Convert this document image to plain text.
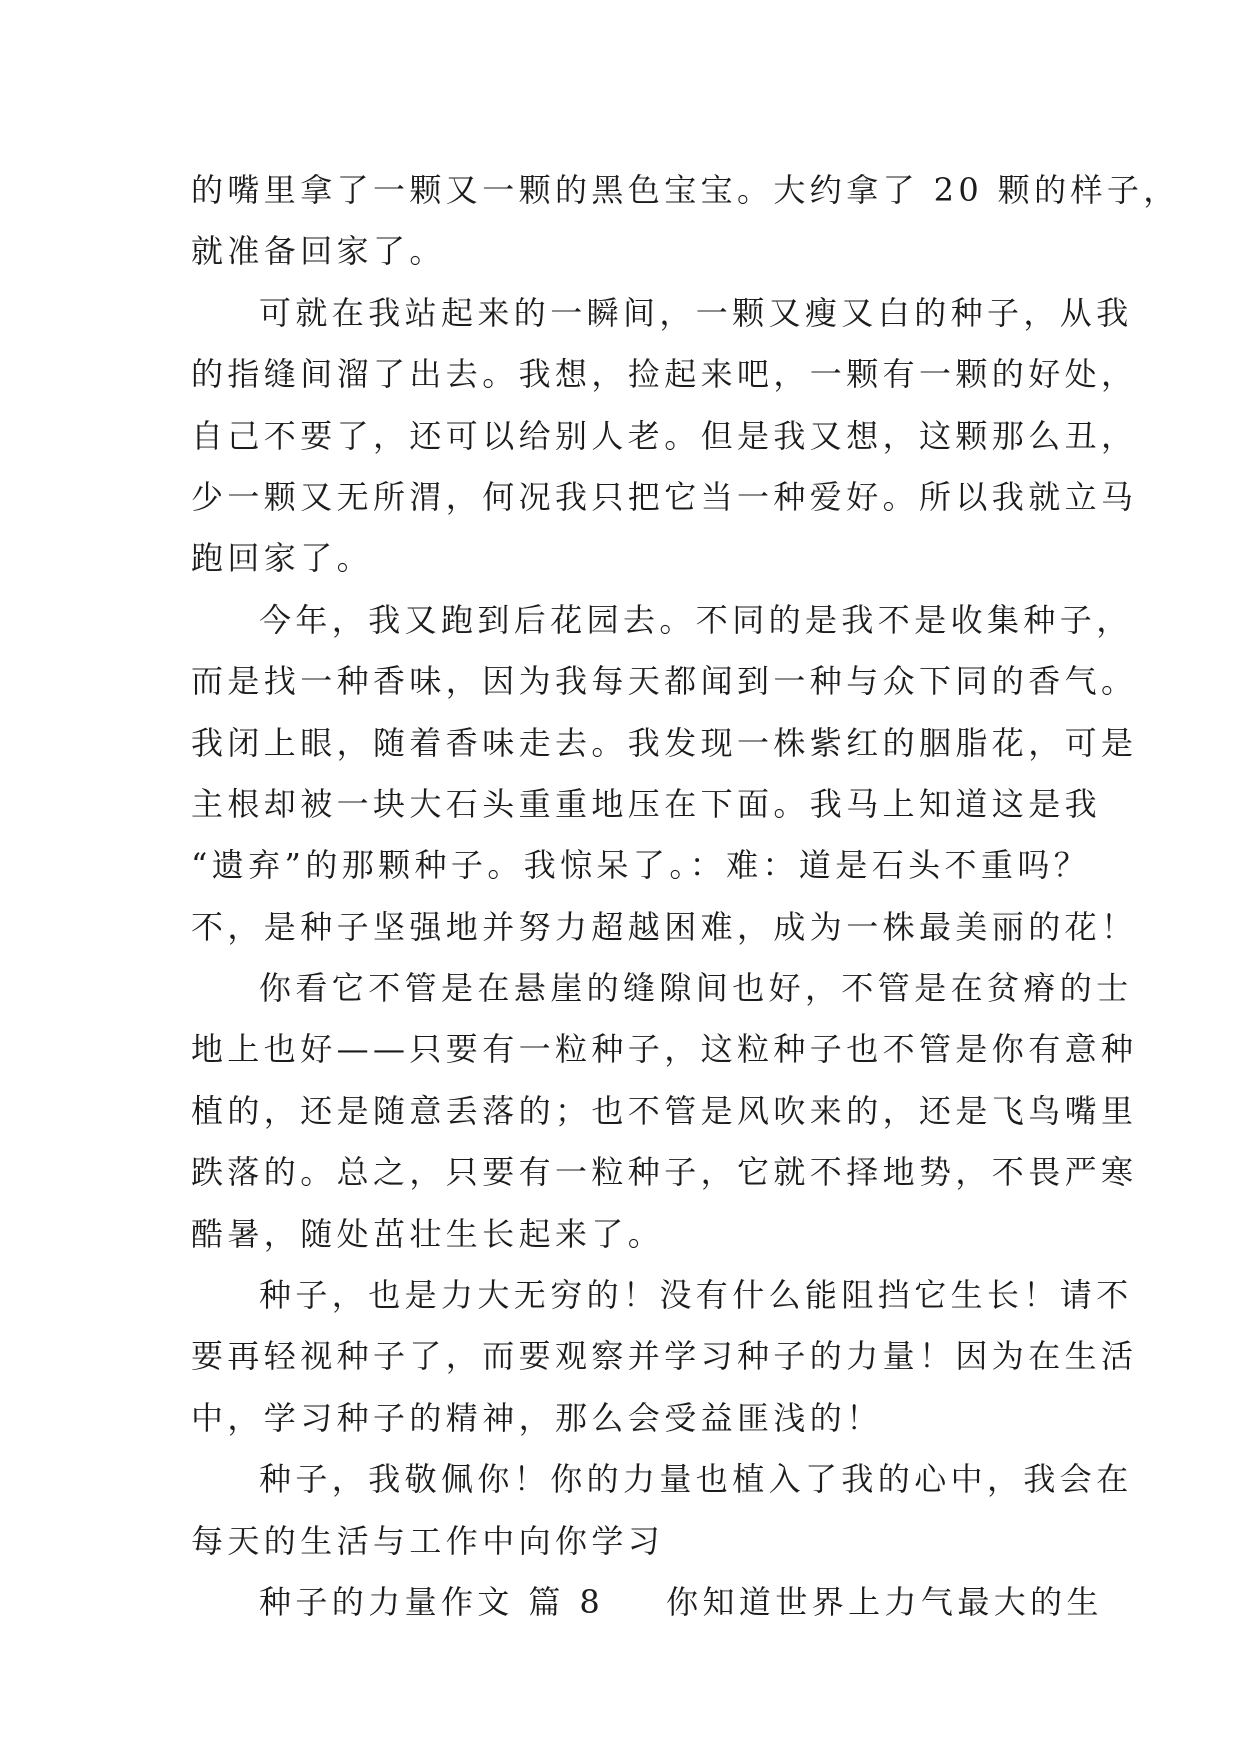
的嘴里拿了一颗又一颗的黑色宝宝。大约拿了 20 颗的样子，
就准备回家了。
可就在我站起来的一瞬间，一颗又瘦又白的种子，从我
的指缝间溜了出去。我想，捡起来吧，一颗有一颗的好处，
自己不要了，还可以给别人老。但是我又想，这颗那么丑，
少一颗又无所渭，何况我只把它当一种爱好。所以我就立马
跑回家了。
今年，我又跑到后花园去。不同的是我不是收集种子，
而是找一种香味，因为我每天都闻到一种与众下同的香气。
我闭上眼，随着香味走去。我发现一株紫红的胭脂花，可是
主根却被一块大石头重重地压在下面。我马上知道这是我
“遗弃”的那颗种子。我惊呆了。：难：道是石头不重吗？
不，是种子坚强地并努力超越困难，成为一株最美丽的花！
你看它不管是在悬崖的缝隙间也好，不管是在贫瘠的士
地上也好——只要有一粒种子，这粒种子也不管是你有意种
植的，还是随意丢落的；也不管是风吹来的，还是飞鸟嘴里
跌落的。总之，只要有一粒种子，它就不择地势，不畏严寒
酷暑，随处茁壮生长起来了。
种子，也是力大无穷的！没有什么能阻挡它生长！请不
要再轻视种子了，而要观察并学习种子的力量！因为在生活
中，学习种子的精神，那么会受益匪浅的！
种子，我敬佩你！你的力量也植入了我的心中，我会在
每天的生活与工作中向你学习
种子的力量作文 篇 8 你知道世界上力气最大的生
